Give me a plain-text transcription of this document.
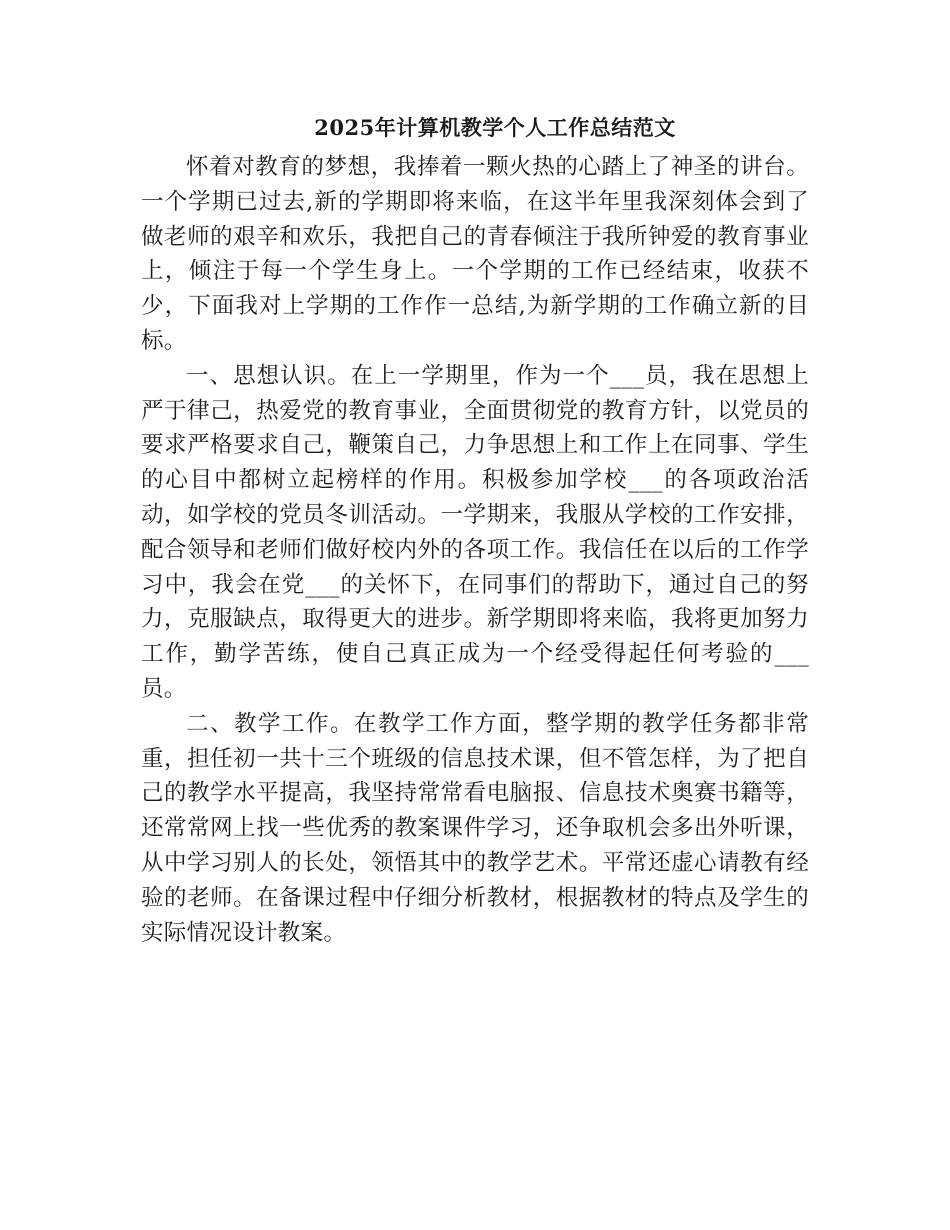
2025年计算机教学个人工作总结范文

怀着对教育的梦想，我捧着一颗火热的心踏上了神圣的讲台。一个学期已过去,新的学期即将来临，在这半年里我深刻体会到了做老师的艰辛和欢乐，我把自己的青春倾注于我所钟爱的教育事业上，倾注于每一个学生身上。一个学期的工作已经结束，收获不少，下面我对上学期的工作作一总结,为新学期的工作确立新的目标。

一、思想认识。在上一学期里，作为一个___员，我在思想上严于律己，热爱党的教育事业，全面贯彻党的教育方针，以党员的要求严格要求自己，鞭策自己，力争思想上和工作上在同事、学生的心目中都树立起榜样的作用。积极参加学校___的各项政治活动，如学校的党员冬训活动。一学期来，我服从学校的工作安排，配合领导和老师们做好校内外的各项工作。我信任在以后的工作学习中，我会在党___的关怀下，在同事们的帮助下，通过自己的努力，克服缺点，取得更大的进步。新学期即将来临，我将更加努力工作，勤学苦练，使自己真正成为一个经受得起任何考验的___员。

二、教学工作。在教学工作方面，整学期的教学任务都非常重，担任初一共十三个班级的信息技术课，但不管怎样，为了把自己的教学水平提高，我坚持常常看电脑报、信息技术奥赛书籍等，还常常网上找一些优秀的教案课件学习，还争取机会多出外听课，从中学习别人的长处，领悟其中的教学艺术。平常还虚心请教有经验的老师。在备课过程中仔细分析教材，根据教材的特点及学生的实际情况设计教案。
